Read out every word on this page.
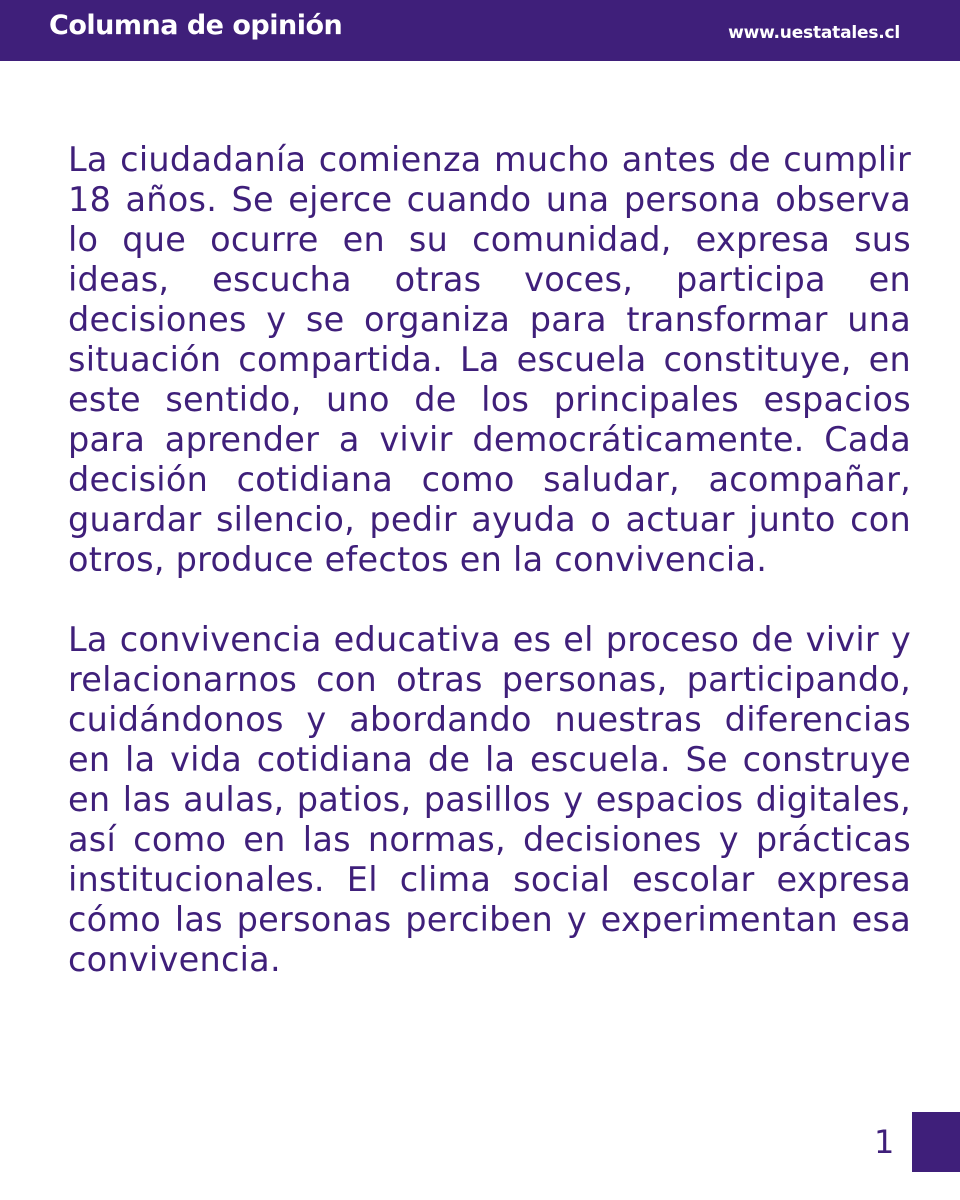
Columna de opinión	www.uestatales.cl

La ciudadanía comienza mucho antes de cumplir 18 años. Se ejerce cuando una persona observa lo que ocurre en su comunidad, expresa sus ideas, escucha otras voces, participa en decisiones y se organiza para transformar una situación compartida. La escuela constituye, en este sentido, uno de los principales espacios para aprender a vivir democráticamente. Cada decisión cotidiana como saludar, acompañar, guardar silencio, pedir ayuda o actuar junto con otros, produce efectos en la convivencia.

La convivencia educativa es el proceso de vivir y relacionarnos con otras personas, participando, cuidándonos y abordando nuestras diferencias en la vida cotidiana de la escuela. Se construye en las aulas, patios, pasillos y espacios digitales, así como en las normas, decisiones y prácticas institucionales. El clima social escolar expresa cómo las personas perciben y experimentan esa convivencia.

1
